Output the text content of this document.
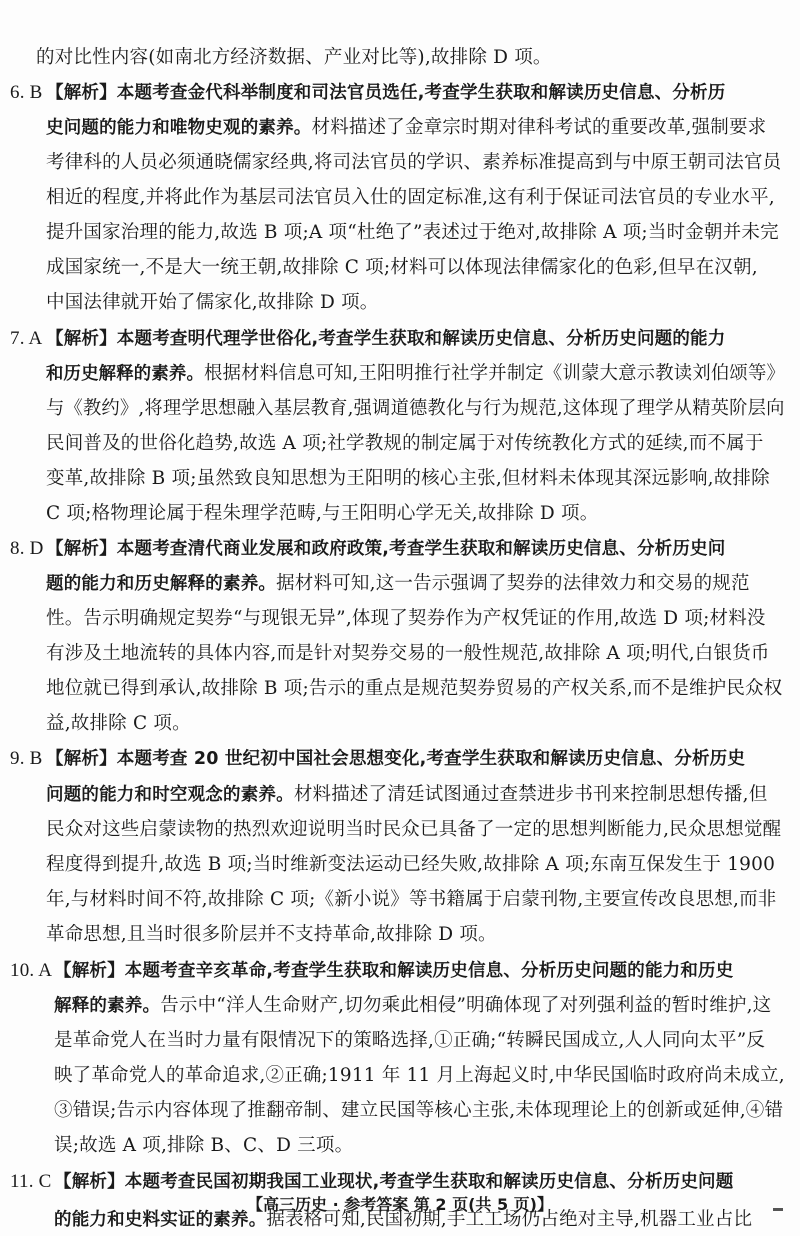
的对比性内容(如南北方经济数据、产业对比等),故排除 D 项。
6. B 【解析】本题考查金代科举制度和司法官员选任,考查学生获取和解读历史信息、分析历
史问题的能力和唯物史观的素养。材料描述了金章宗时期对律科考试的重要改革,强制要求
考律科的人员必须通晓儒家经典,将司法官员的学识、素养标准提高到与中原王朝司法官员
相近的程度,并将此作为基层司法官员入仕的固定标准,这有利于保证司法官员的专业水平,
提升国家治理的能力,故选 B 项;A 项“杜绝了”表述过于绝对,故排除 A 项;当时金朝并未完
成国家统一,不是大一统王朝,故排除 C 项;材料可以体现法律儒家化的色彩,但早在汉朝,
中国法律就开始了儒家化,故排除 D 项。
7. A 【解析】本题考查明代理学世俗化,考查学生获取和解读历史信息、分析历史问题的能力
和历史解释的素养。根据材料信息可知,王阳明推行社学并制定《训蒙大意示教读刘伯颂等》
与《教约》,将理学思想融入基层教育,强调道德教化与行为规范,这体现了理学从精英阶层向
民间普及的世俗化趋势,故选 A 项;社学教规的制定属于对传统教化方式的延续,而不属于
变革,故排除 B 项;虽然致良知思想为王阳明的核心主张,但材料未体现其深远影响,故排除
C 项;格物理论属于程朱理学范畴,与王阳明心学无关,故排除 D 项。
8. D 【解析】本题考查清代商业发展和政府政策,考查学生获取和解读历史信息、分析历史问
题的能力和历史解释的素养。据材料可知,这一告示强调了契券的法律效力和交易的规范
性。告示明确规定契券“与现银无异”,体现了契券作为产权凭证的作用,故选 D 项;材料没
有涉及土地流转的具体内容,而是针对契券交易的一般性规范,故排除 A 项;明代,白银货币
地位就已得到承认,故排除 B 项;告示的重点是规范契券贸易的产权关系,而不是维护民众权
益,故排除 C 项。
9. B 【解析】本题考查 20 世纪初中国社会思想变化,考查学生获取和解读历史信息、分析历史
问题的能力和时空观念的素养。材料描述了清廷试图通过查禁进步书刊来控制思想传播,但
民众对这些启蒙读物的热烈欢迎说明当时民众已具备了一定的思想判断能力,民众思想觉醒
程度得到提升,故选 B 项;当时维新变法运动已经失败,故排除 A 项;东南互保发生于 1900
年,与材料时间不符,故排除 C 项;《新小说》等书籍属于启蒙刊物,主要宣传改良思想,而非
革命思想,且当时很多阶层并不支持革命,故排除 D 项。
10. A 【解析】本题考查辛亥革命,考查学生获取和解读历史信息、分析历史问题的能力和历史
解释的素养。告示中“洋人生命财产,切勿乘此相侵”明确体现了对列强利益的暂时维护,这
是革命党人在当时力量有限情况下的策略选择,①正确;“转瞬民国成立,人人同向太平”反
映了革命党人的革命追求,②正确;1911 年 11 月上海起义时,中华民国临时政府尚未成立,
③错误;告示内容体现了推翻帝制、建立民国等核心主张,未体现理论上的创新或延伸,④错
误;故选 A 项,排除 B、C、D 三项。
11. C 【解析】本题考查民国初期我国工业现状,考查学生获取和解读历史信息、分析历史问题
的能力和史料实证的素养。据表格可知,民国初期,手工工场仍占绝对主导,机器工业占比
【高三历史 · 参考答案 第 2 页(共 5 页)】
